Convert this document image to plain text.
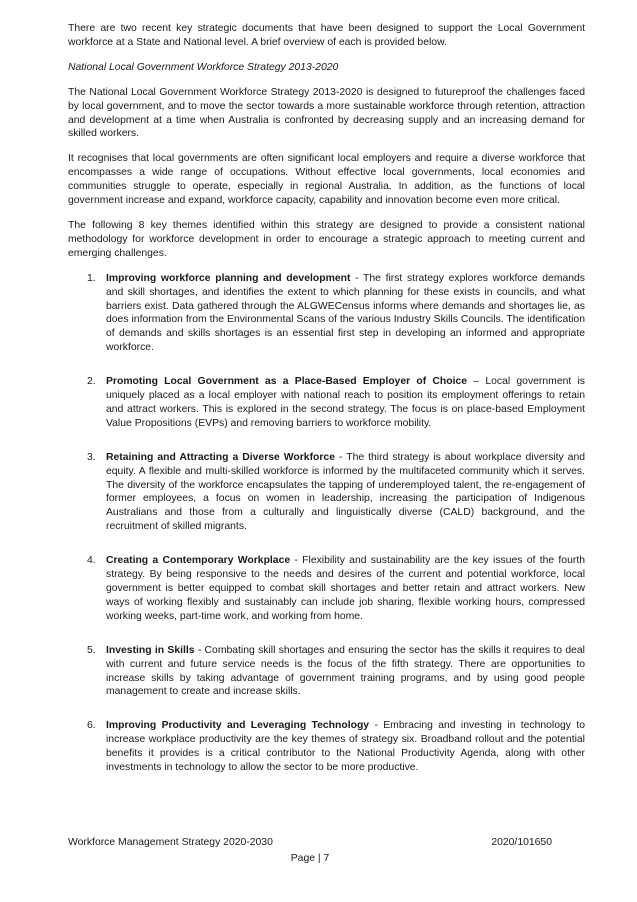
There are two recent key strategic documents that have been designed to support the Local Government workforce at a State and National level. A brief overview of each is provided below.

National Local Government Workforce Strategy 2013-2020

The National Local Government Workforce Strategy 2013-2020 is designed to futureproof the challenges faced by local government, and to move the sector towards a more sustainable workforce through retention, attraction and development at a time when Australia is confronted by decreasing supply and an increasing demand for skilled workers.

It recognises that local governments are often significant local employers and require a diverse workforce that encompasses a wide range of occupations. Without effective local governments, local economies and communities struggle to operate, especially in regional Australia. In addition, as the functions of local government increase and expand, workforce capacity, capability and innovation become even more critical.

The following 8 key themes identified within this strategy are designed to provide a consistent national methodology for workforce development in order to encourage a strategic approach to meeting current and emerging challenges.

1. Improving workforce planning and development - The first strategy explores workforce demands and skill shortages, and identifies the extent to which planning for these exists in councils, and what barriers exist. Data gathered through the ALGWECensus informs where demands and shortages lie, as does information from the Environmental Scans of the various Industry Skills Councils. The identification of demands and skills shortages is an essential first step in developing an informed and appropriate workforce.
2. Promoting Local Government as a Place-Based Employer of Choice – Local government is uniquely placed as a local employer with national reach to position its employment offerings to retain and attract workers. This is explored in the second strategy. The focus is on place-based Employment Value Propositions (EVPs) and removing barriers to workforce mobility.
3. Retaining and Attracting a Diverse Workforce - The third strategy is about workplace diversity and equity. A flexible and multi-skilled workforce is informed by the multifaceted community which it serves. The diversity of the workforce encapsulates the tapping of underemployed talent, the re-engagement of former employees, a focus on women in leadership, increasing the participation of Indigenous Australians and those from a culturally and linguistically diverse (CALD) background, and the recruitment of skilled migrants.
4. Creating a Contemporary Workplace - Flexibility and sustainability are the key issues of the fourth strategy. By being responsive to the needs and desires of the current and potential workforce, local government is better equipped to combat skill shortages and better retain and attract workers. New ways of working flexibly and sustainably can include job sharing, flexible working hours, compressed working weeks, part-time work, and working from home.
5. Investing in Skills - Combating skill shortages and ensuring the sector has the skills it requires to deal with current and future service needs is the focus of the fifth strategy. There are opportunities to increase skills by taking advantage of government training programs, and by using good people management to create and increase skills.
6. Improving Productivity and Leveraging Technology - Embracing and investing in technology to increase workplace productivity are the key themes of strategy six. Broadband rollout and the potential benefits it provides is a critical contributor to the National Productivity Agenda, along with other investments in technology to allow the sector to be more productive.
Workforce Management Strategy 2020-2030	2020/101650
Page | 7
